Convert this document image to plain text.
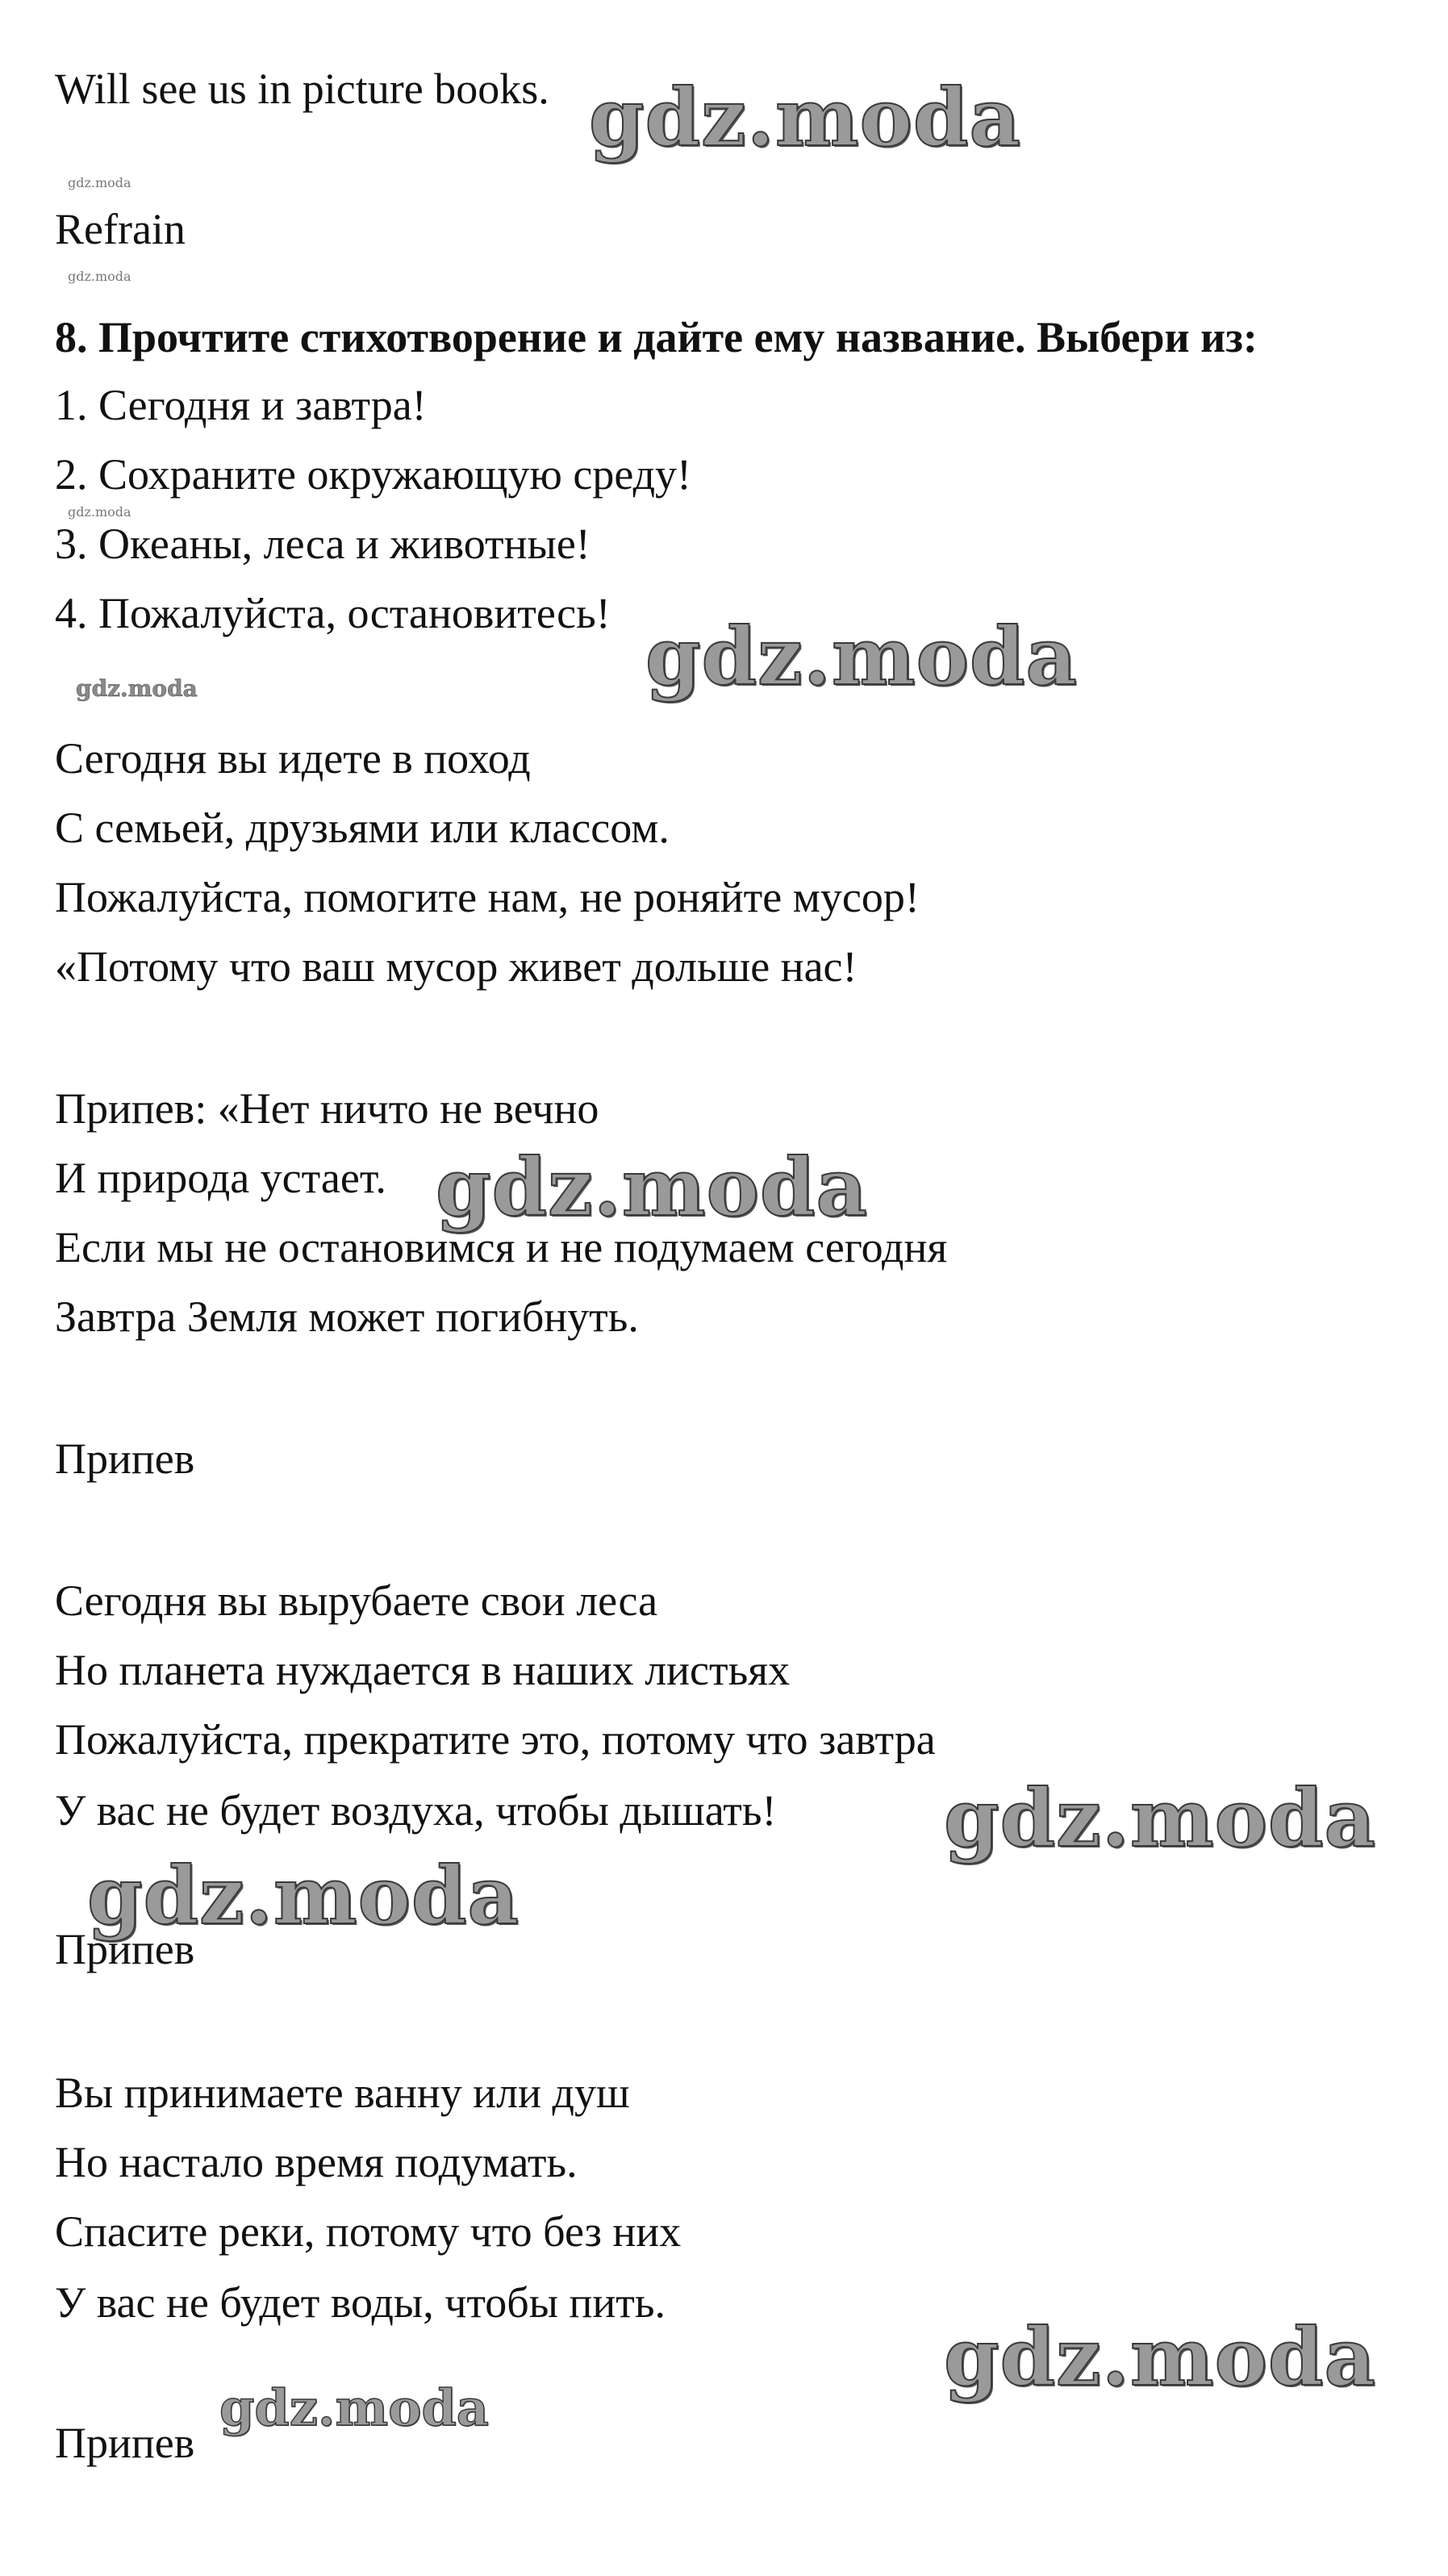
Will see us in picture books.
Refrain
8. Прочтите стихотворение и дайте ему название. Выбери из:
1. Сегодня и завтра!
2. Сохраните окружающую среду!
3. Океаны, леса и животные!
4. Пожалуйста, остановитесь!
Сегодня вы идете в поход
С семьей, друзьями или классом.
Пожалуйста, помогите нам, не роняйте мусор!
«Потому что ваш мусор живет дольше нас!
Припев: «Нет ничто не вечно
И природа устает.
Если мы не остановимся и не подумаем сегодня
Завтра Земля может погибнуть.
Припев
Сегодня вы вырубаете свои леса
Но планета нуждается в наших листьях
Пожалуйста, прекратите это, потому что завтра
У вас не будет воздуха, чтобы дышать!
Припев
Вы принимаете ванну или душ
Но настало время подумать.
Спасите реки, потому что без них
У вас не будет воды, чтобы пить.
Припев
gdz.moda
gdz.moda
gdz.moda
gdz.moda
gdz.moda	gdz.moda
gdz.moda
gdz.moda
gdz.moda
gdz.moda
gdz.moda
